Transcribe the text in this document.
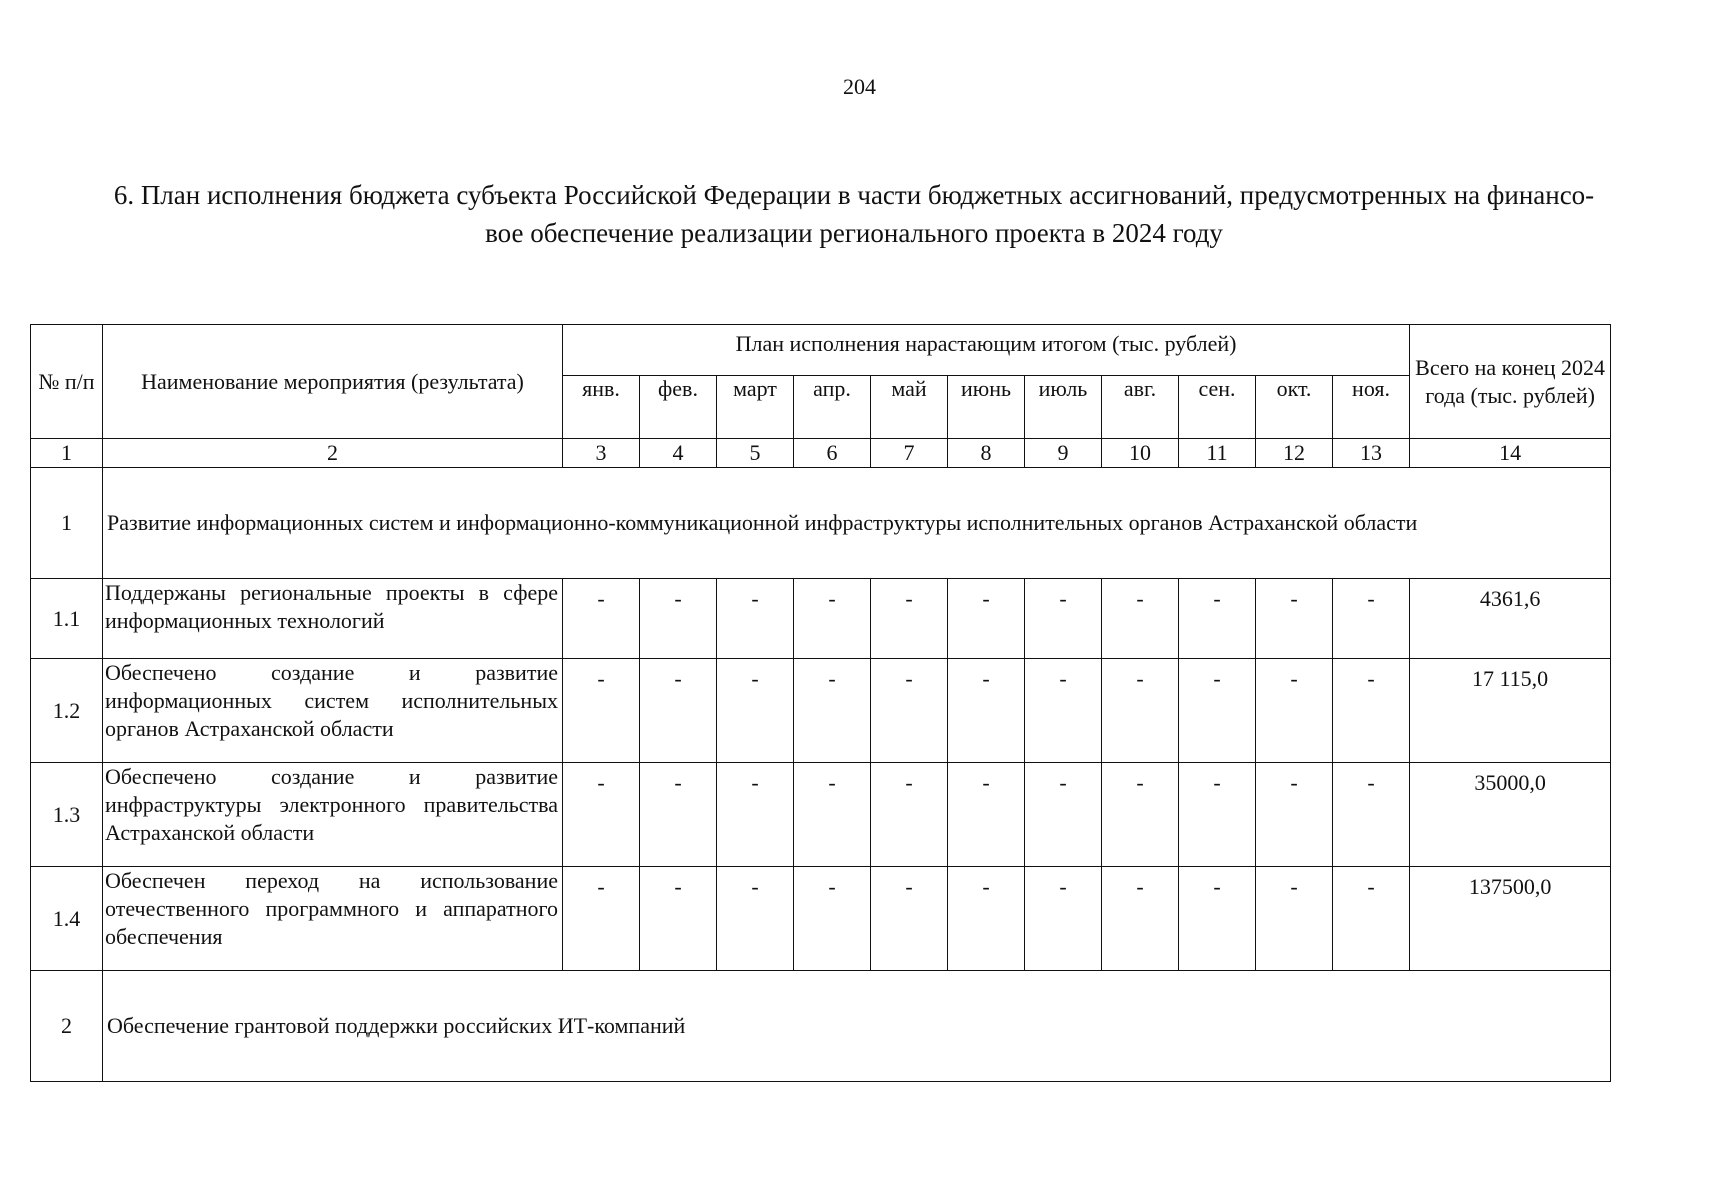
204
6. План исполнения бюджета субъекта Российской Федерации в части бюджетных ассигнований, предусмотренных на финансо-
вое обеспечение реализации регионального проекта в 2024 году
№ п/п	Наименование мероприятия (результата)	План исполнения нарастающим итогом (тыс. рублей)											Всего на конец 2024 года (тыс. рублей)
		янв.	фев.	март	апр.	май	июнь	июль	авг.	сен.	окт.	ноя.	
1	2	3	4	5	6	7	8	9	10	11	12	13	14
1	Развитие информационных систем и информационно-коммуникационной инфраструктуры исполнительных органов Астраханской области												
1.1	Поддержаны региональные проекты в сфере информационных технологий	-	-	-	-	-	-	-	-	-	-	-	4361,6
1.2	Обеспечено создание и развитие информационных систем исполнительных органов Астраханской области	-	-	-	-	-	-	-	-	-	-	-	17 115,0
1.3	Обеспечено создание и развитие инфраструктуры электронного правительства Астраханской области	-	-	-	-	-	-	-	-	-	-	-	35000,0
1.4	Обеспечен переход на использование отечественного программного и аппаратного обеспечения	-	-	-	-	-	-	-	-	-	-	-	137500,0
2	Обеспечение грантовой поддержки российских ИТ-компаний												
